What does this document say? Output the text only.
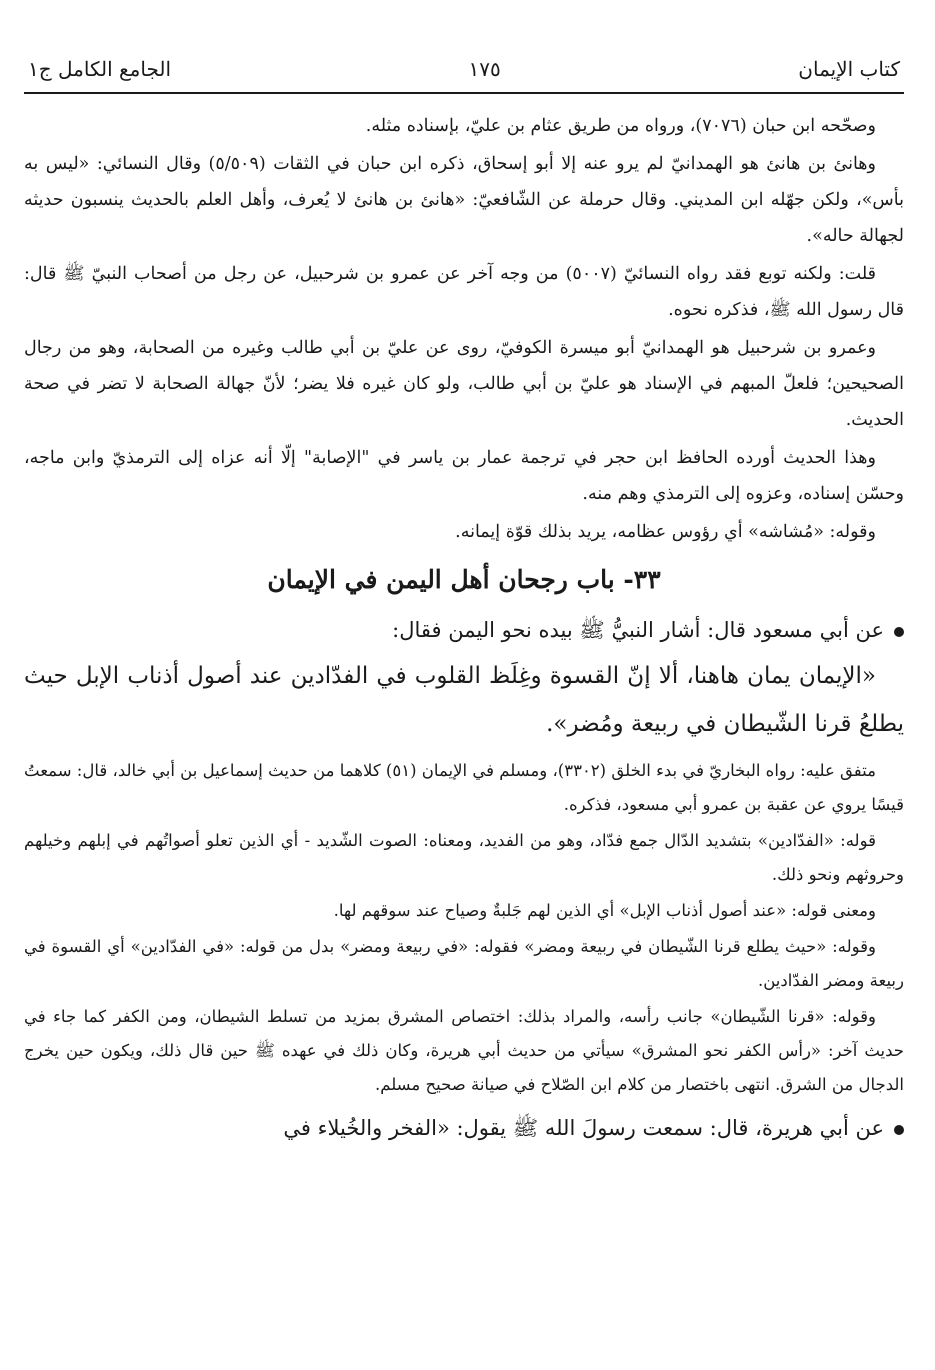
كتاب الإيمان
١٧٥
الجامع الكامل ج١

وصحّحه ابن حبان (٧٠٧٦)، ورواه من طريق عثام بن عليّ، بإسناده مثله.

وهانئ بن هانئ هو الهمدانيّ لم يرو عنه إلا أبو إسحاق، ذكره ابن حبان في الثقات (٥/٥٠٩) وقال النسائي: «ليس به بأس»، ولكن جهّله ابن المديني. وقال حرملة عن الشّافعيّ: «هانئ بن هانئ لا يُعرف، وأهل العلم بالحديث ينسبون حديثه لجهالة حاله».

قلت: ولكنه توبع فقد رواه النسائيّ (٥٠٠٧) من وجه آخر عن عمرو بن شرحبيل، عن رجل من أصحاب النبيّ ﷺ قال: قال رسول الله ﷺ، فذكره نحوه.

وعمرو بن شرحبيل هو الهمدانيّ أبو ميسرة الكوفيّ، روى عن عليّ بن أبي طالب وغيره من الصحابة، وهو من رجال الصحيحين؛ فلعلّ المبهم في الإسناد هو عليّ بن أبي طالب، ولو كان غيره فلا يضر؛ لأنّ جهالة الصحابة لا تضر في صحة الحديث.

وهذا الحديث أورده الحافظ ابن حجر في ترجمة عمار بن ياسر في "الإصابة" إلّا أنه عزاه إلى الترمذيّ وابن ماجه، وحسّن إسناده، وعزوه إلى الترمذي وهم منه.

وقوله: «مُشاشه» أي رؤوس عظامه، يريد بذلك قوّة إيمانه.

٣٣- باب رجحان أهل اليمن في الإيمان

عن أبي مسعود قال: أشار النبيُّ ﷺ بيده نحو اليمن فقال:

«الإيمان يمان هاهنا، ألا إنّ القسوة وغِلَظ القلوب في الفدّادين عند أصول أذناب الإبل حيث يطلعُ قرنا الشّيطان في ربيعة ومُضر».

متفق عليه: رواه البخاريّ في بدء الخلق (٣٣٠٢)، ومسلم في الإيمان (٥١) كلاهما من حديث إسماعيل بن أبي خالد، قال: سمعتُ قيسًا يروي عن عقبة بن عمرو أبي مسعود، فذكره.

قوله: «الفدّادين» بتشديد الدّال جمع فدّاد، وهو من الفديد، ومعناه: الصوت الشّديد - أي الذين تعلو أصواتُهم في إبلهم وخيلهم وحروثهم ونحو ذلك.

ومعنى قوله: «عند أصول أذناب الإبل» أي الذين لهم جَلبةٌ وصياح عند سوقهم لها.

وقوله: «حيث يطلع قرنا الشّيطان في ربيعة ومضر» فقوله: «في ربيعة ومضر» بدل من قوله: «في الفدّادين» أي القسوة في ربيعة ومضر الفدّادين.

وقوله: «قرنا الشّيطان» جانب رأسه، والمراد بذلك: اختصاص المشرق بمزيد من تسلط الشيطان، ومن الكفر كما جاء في حديث آخر: «رأس الكفر نحو المشرق» سيأتي من حديث أبي هريرة، وكان ذلك في عهده ﷺ حين قال ذلك، ويكون حين يخرج الدجال من الشرق. انتهى باختصار من كلام ابن الصّلاح في صيانة صحيح مسلم.

عن أبي هريرة، قال: سمعت رسولَ الله ﷺ يقول: «الفخر والخُيلاء في
